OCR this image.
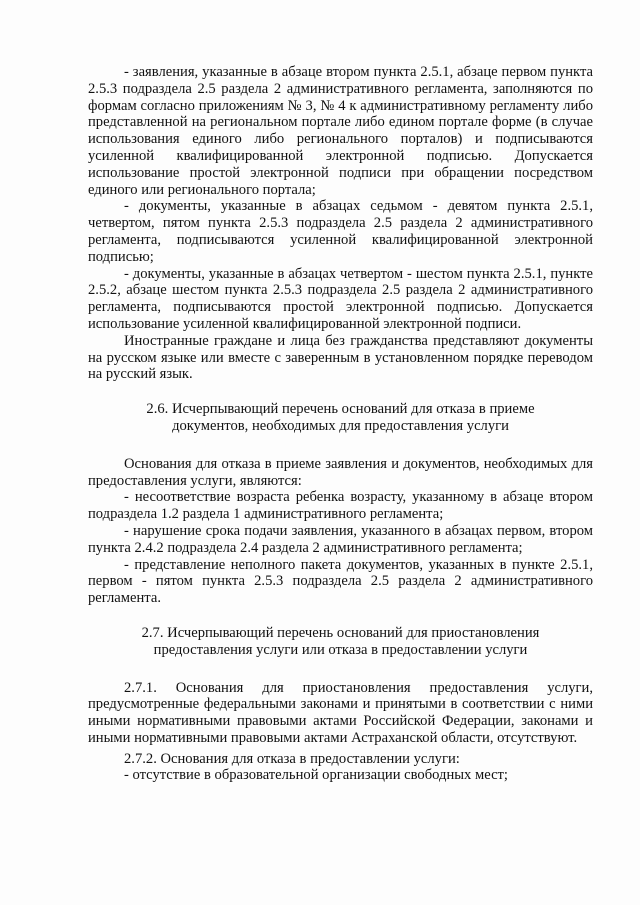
- заявления, указанные в абзаце втором пункта 2.5.1, абзаце первом пункта 2.5.3 подраздела 2.5 раздела 2 административного регламента, заполняются по формам согласно приложениям № 3, № 4 к административному регламенту либо представленной на региональном портале либо едином портале форме (в случае использования единого либо регионального порталов) и подписываются усиленной квалифицированной электронной подписью. Допускается использование простой электронной подписи при обращении посредством единого или регионального портала;

- документы, указанные в абзацах седьмом - девятом пункта 2.5.1, четвертом, пятом пункта 2.5.3 подраздела 2.5 раздела 2 административного регламента, подписываются усиленной квалифицированной электронной подписью;

- документы, указанные в абзацах четвертом - шестом пункта 2.5.1, пункте 2.5.2, абзаце шестом пункта 2.5.3 подраздела 2.5 раздела 2 административного регламента, подписываются простой электронной подписью. Допускается использование усиленной квалифицированной электронной подписи.

Иностранные граждане и лица без гражданства представляют документы на русском языке или вместе с заверенным в установленном порядке переводом на русский язык.

2.6. Исчерпывающий перечень оснований для отказа в приеме документов, необходимых для предоставления услуги

Основания для отказа в приеме заявления и документов, необходимых для предоставления услуги, являются:

- несоответствие возраста ребенка возрасту, указанному в абзаце втором подраздела 1.2 раздела 1 административного регламента;

- нарушение срока подачи заявления, указанного в абзацах первом, втором пункта 2.4.2 подраздела 2.4 раздела 2 административного регламента;

- представление неполного пакета документов, указанных в пункте 2.5.1, первом - пятом пункта 2.5.3 подраздела 2.5 раздела 2 административного регламента.

2.7. Исчерпывающий перечень оснований для приостановления предоставления услуги или отказа в предоставлении услуги

2.7.1. Основания для приостановления предоставления услуги, предусмотренные федеральными законами и принятыми в соответствии с ними иными нормативными правовыми актами Российской Федерации, законами и иными нормативными правовыми актами Астраханской области, отсутствуют.

2.7.2. Основания для отказа в предоставлении услуги:

- отсутствие в образовательной организации свободных мест;
